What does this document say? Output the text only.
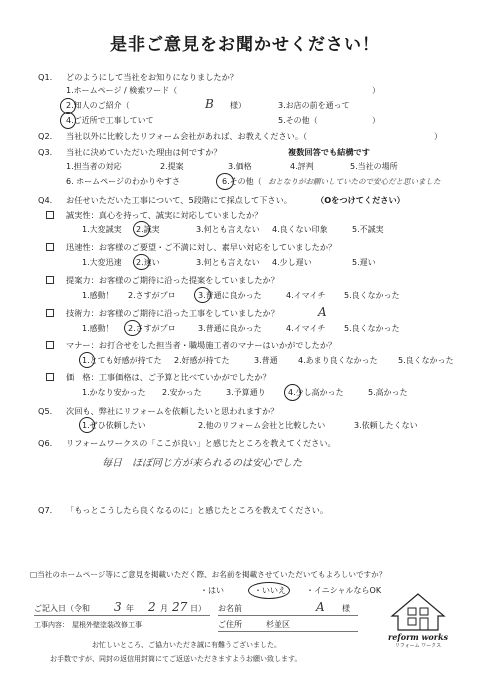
是非ご意見をお聞かせください！
Q1. どのようにして当社をお知りになりましたか？
1.ホームページ / 検索ワード（	）
2.知人のご紹介（	B 様）	3.お店の前を通って
4.ご近所で工事していて	5.その他（	）
Q2. 当社以外に比較したリフォーム会社があれば、お教えください。（	）
Q3. 当社に決めていただいた理由は何ですか？	複数回答でも結構です
1.担当者の対応	2.提案	3.価格	4.評判	5.当社の場所
6. ホームページのわかりやすさ	6.その他（ おとなりがお願いしていたので安心だと思いました
Q4. お任せいただいた工事について、5段階にて採点して下さい。	（Oをつけてください）
誠実性：真心を持って、誠実に対応していましたか？
1.大変誠実 2.誠実	3.何とも言えない 4.良くない印象	5.不誠実
迅速性：お客様のご要望・ご不満に対し、素早い対応をしていましたか？
1.大変迅速 2.速い	3.何とも言えない 4.少し遅い	5.遅い
提案力：お客様のご期待に沿った提案をしていましたか？
1.感動！ 2.さすがプロ	3.普通に良かった	4.イマイチ 5.良くなかった
技術力：お客様のご期待に沿った工事をしていましたか？	A
1.感動！ 2.さすがプロ	3.普通に良かった	4.イマイチ 5.良くなかった
マナー：お打合せをした担当者・職場施工者のマナーはいかがでしたか？
1.とても好感が持てた 2.好感が持てた	3.普通	4.あまり良くなかった	5.良くなかった
価　格：工事価格は、ご予算と比べていかがでしたか？
1.かなり安かった 2.安かった	3.予算通り	4.少し高かった	5.高かった
Q5. 次回も、弊社にリフォームを依頼したいと思われますか？
1.ぜひ依頼したい	2.他のリフォーム会社と比較したい	3.依頼したくない
Q6. リフォームワークスの「ここが良い」と感じたところを教えてください。
毎日　ほぼ同じ方が来られるのは安心でした
Q7. 「もっとこうしたら良くなるのに」と感じたところを教えてください。
□当社のホームページ等にご意見を掲載いただく際、お名前を掲載させていただいてもよろしいですか？
・はい	・いいえ	・イニシャルならOK
ご記入日（令和 3 年 2 月 27 日） お名前	A 様
工事内容： 屋根外壁塗装改修工事	ご住所	杉並区
お忙しいところ、ご協力いただき誠に有難うございました。
お手数ですが、同封の返信用封筒にてご返送いただきますようお願い致します。
reform works
リフォーム ワークス
